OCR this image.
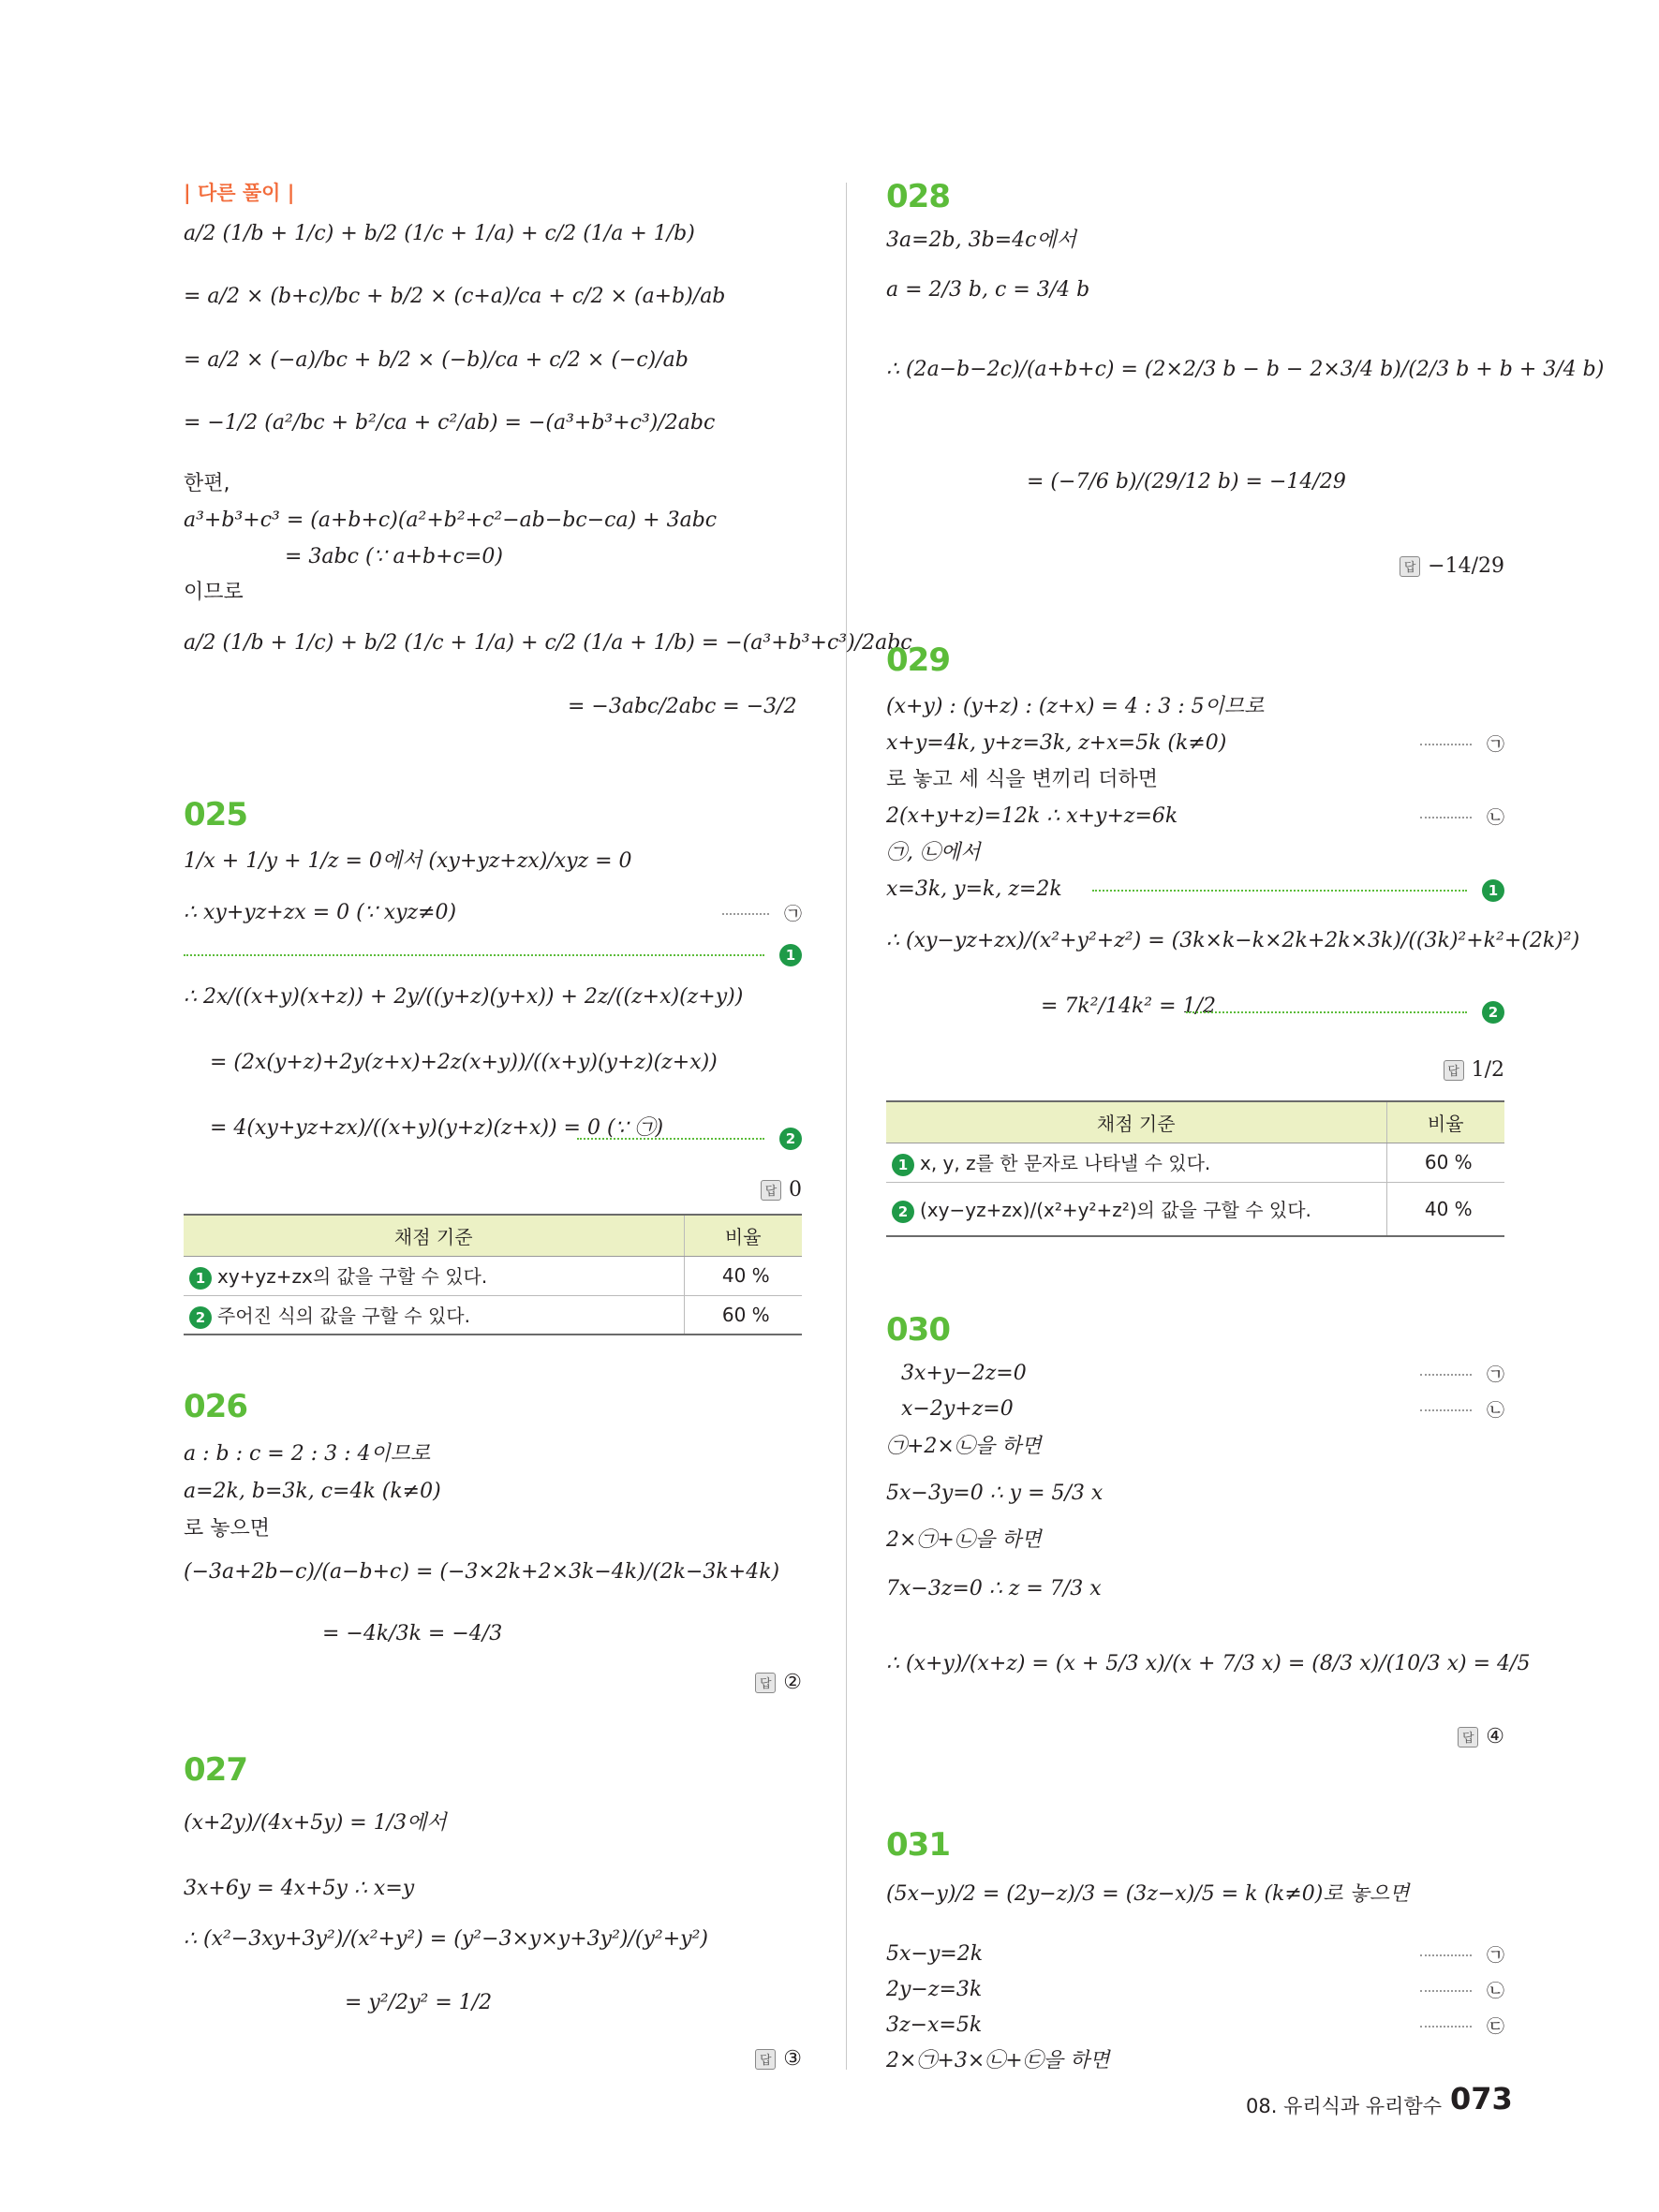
| 다른 풀이 |
a/2 (1/b + 1/c) + b/2 (1/c + 1/a) + c/2 (1/a + 1/b)
= a/2 × (b+c)/bc + b/2 × (c+a)/ca + c/2 × (a+b)/ab
= a/2 × (−a)/bc + b/2 × (−b)/ca + c/2 × (−c)/ab
= −1/2 (a²/bc + b²/ca + c²/ab) = −(a³+b³+c³)/2abc
한편,
a³+b³+c³ = (a+b+c)(a²+b²+c²−ab−bc−ca) + 3abc
= 3abc (∵ a+b+c=0)
이므로
a/2 (1/b + 1/c) + b/2 (1/c + 1/a) + c/2 (1/a + 1/b) = −(a³+b³+c³)/2abc
= −3abc/2abc = −3/2
025
1/x + 1/y + 1/z = 0에서 (xy+yz+zx)/xyz = 0
∴ xy+yz+zx = 0 (∵ xyz≠0)	㉠
1
∴ 2x/((x+y)(x+z)) + 2y/((y+z)(y+x)) + 2z/((z+x)(z+y))
= (2x(y+z)+2y(z+x)+2z(x+y))/((x+y)(y+z)(z+x))
= 4(xy+yz+zx)/((x+y)(y+z)(z+x)) = 0 (∵ ㉠)	2
답 0
채점 기준	비율
1 xy+yz+zx의 값을 구할 수 있다.	40 %
2 주어진 식의 값을 구할 수 있다.	60 %
026
a : b : c = 2 : 3 : 4이므로
a=2k, b=3k, c=4k (k≠0)
로 놓으면
(−3a+2b−c)/(a−b+c) = (−3×2k+2×3k−4k)/(2k−3k+4k)
= −4k/3k = −4/3
답 ②
027
(x+2y)/(4x+5y) = 1/3에서
3x+6y = 4x+5y ∴ x=y
∴ (x²−3xy+3y²)/(x²+y²) = (y²−3×y×y+3y²)/(y²+y²)
= y²/2y² = 1/2
답 ③
028
3a=2b, 3b=4c에서
a = 2/3 b, c = 3/4 b
∴ (2a−b−2c)/(a+b+c) = (2×2/3 b − b − 2×3/4 b)/(2/3 b + b + 3/4 b)
= (−7/6 b)/(29/12 b) = −14/29
답 −14/29
029
(x+y) : (y+z) : (z+x) = 4 : 3 : 5이므로
x+y=4k, y+z=3k, z+x=5k (k≠0)	㉠
로 놓고 세 식을 변끼리 더하면
2(x+y+z)=12k ∴ x+y+z=6k	㉡
㉠, ㉡에서
x=3k, y=k, z=2k	1
∴ (xy−yz+zx)/(x²+y²+z²) = (3k×k−k×2k+2k×3k)/((3k)²+k²+(2k)²)
= 7k²/14k² = 1/2	2
답 1/2
채점 기준	비율
1 x, y, z를 한 문자로 나타낼 수 있다.	60 %
2 (xy−yz+zx)/(x²+y²+z²)의 값을 구할 수 있다.	40 %
030
3x+y−2z=0	㉠
x−2y+z=0	㉡
㉠+2×㉡을 하면
5x−3y=0 ∴ y = 5/3 x
2×㉠+㉡을 하면
7x−3z=0 ∴ z = 7/3 x
∴ (x+y)/(x+z) = (x + 5/3 x)/(x + 7/3 x) = (8/3 x)/(10/3 x) = 4/5
답 ④
031
(5x−y)/2 = (2y−z)/3 = (3z−x)/5 = k (k≠0)로 놓으면
5x−y=2k	㉠
2y−z=3k	㉡
3z−x=5k	㉢
2×㉠+3×㉡+㉢을 하면
08. 유리식과 유리함수 073
